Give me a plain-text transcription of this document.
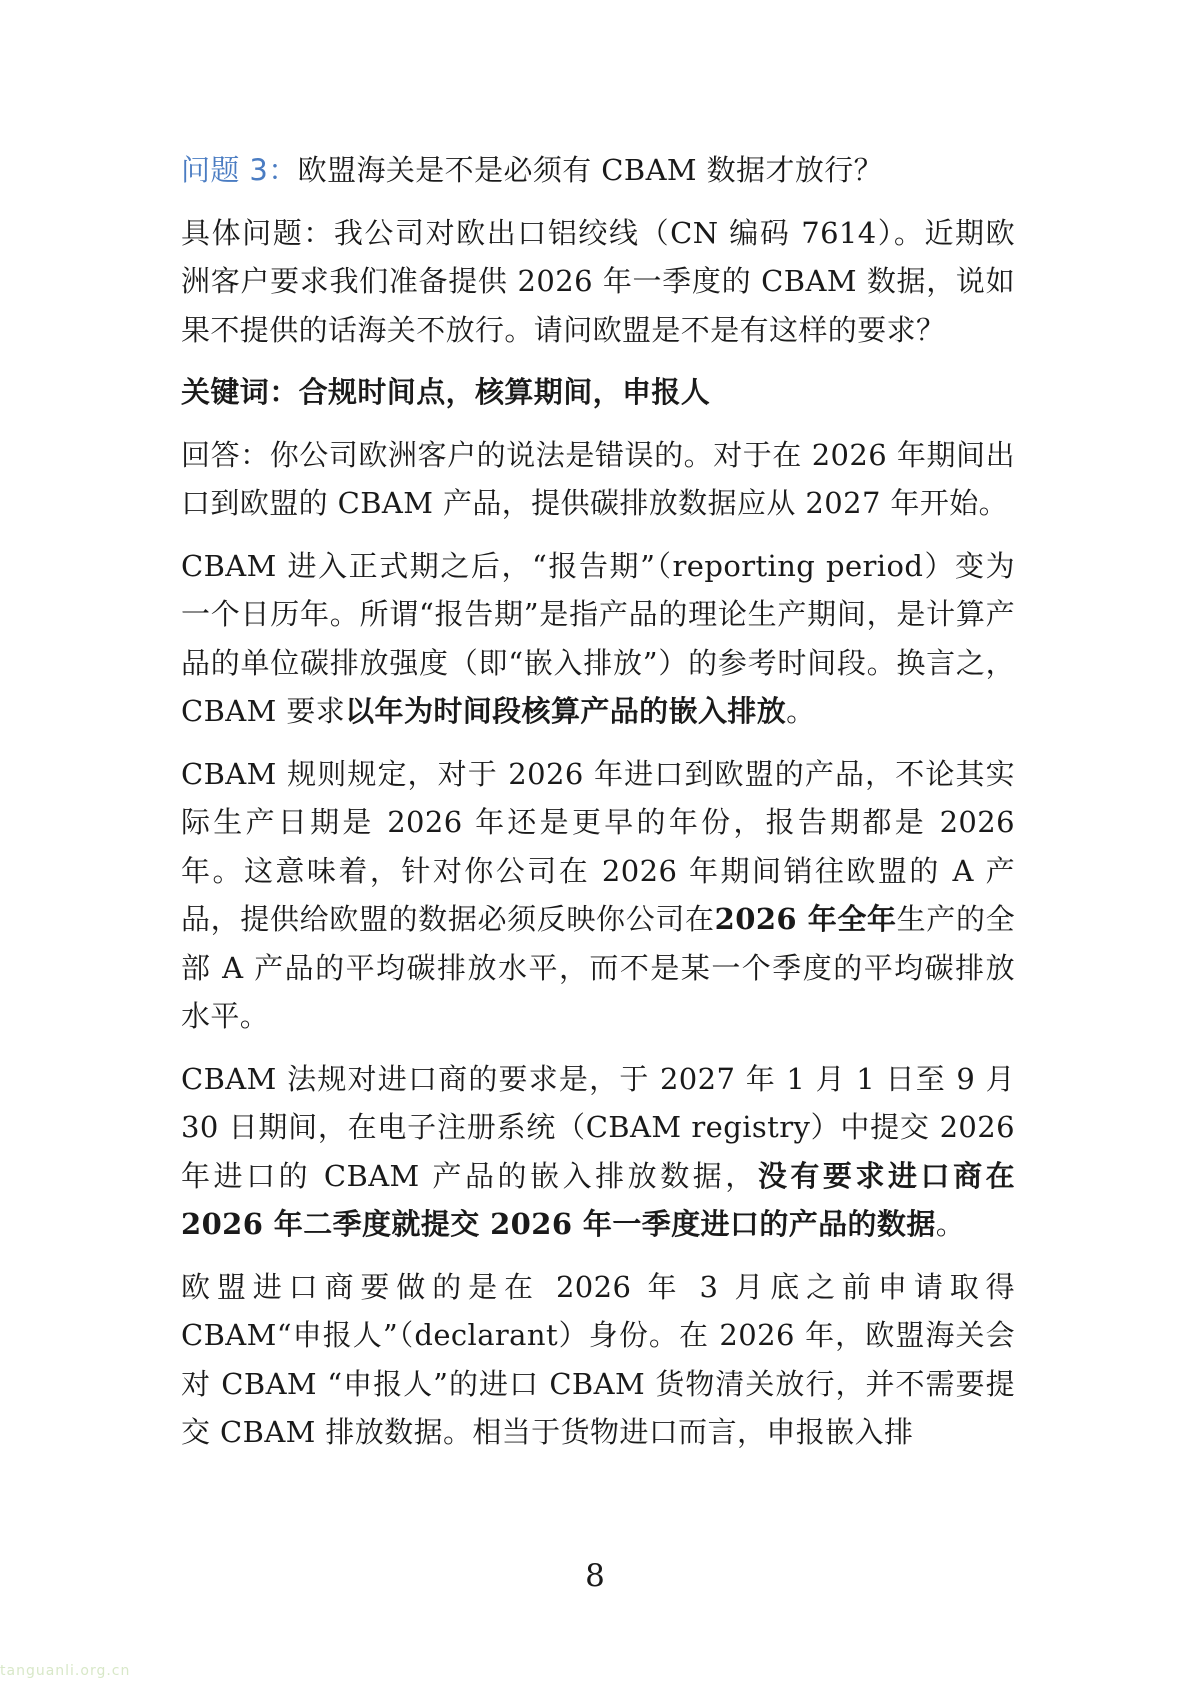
问题 3：欧盟海关是不是必须有 CBAM 数据才放行？

具体问题：我公司对欧出口铝绞线（CN 编码 7614）。近期欧洲客户要求我们准备提供 2026 年一季度的 CBAM 数据，说如果不提供的话海关不放行。请问欧盟是不是有这样的要求？

关键词：合规时间点，核算期间，申报人

回答：你公司欧洲客户的说法是错误的。对于在 2026 年期间出口到欧盟的 CBAM 产品，提供碳排放数据应从 2027 年开始。

CBAM 进入正式期之后，“报告期”（reporting period）变为一个日历年。所谓“报告期”是指产品的理论生产期间，是计算产品的单位碳排放强度（即“嵌入排放”）的参考时间段。换言之，CBAM 要求以年为时间段核算产品的嵌入排放。

CBAM 规则规定，对于 2026 年进口到欧盟的产品，不论其实际生产日期是 2026 年还是更早的年份，报告期都是 2026 年。这意味着，针对你公司在 2026 年期间销往欧盟的 A 产品，提供给欧盟的数据必须反映你公司在2026 年全年生产的全部 A 产品的平均碳排放水平，而不是某一个季度的平均碳排放水平。

CBAM 法规对进口商的要求是，于 2027 年 1 月 1 日至 9 月 30 日期间，在电子注册系统（CBAM registry）中提交 2026 年进口的 CBAM 产品的嵌入排放数据，没有要求进口商在 2026 年二季度就提交 2026 年一季度进口的产品的数据。

欧盟进口商要做的是在 2026 年 3 月底之前申请取得 CBAM“申报人”（declarant）身份。在 2026 年，欧盟海关会对 CBAM “申报人”的进口 CBAM 货物清关放行，并不需要提交 CBAM 排放数据。相当于货物进口而言，申报嵌入排

8
tanguanli.org.cn
